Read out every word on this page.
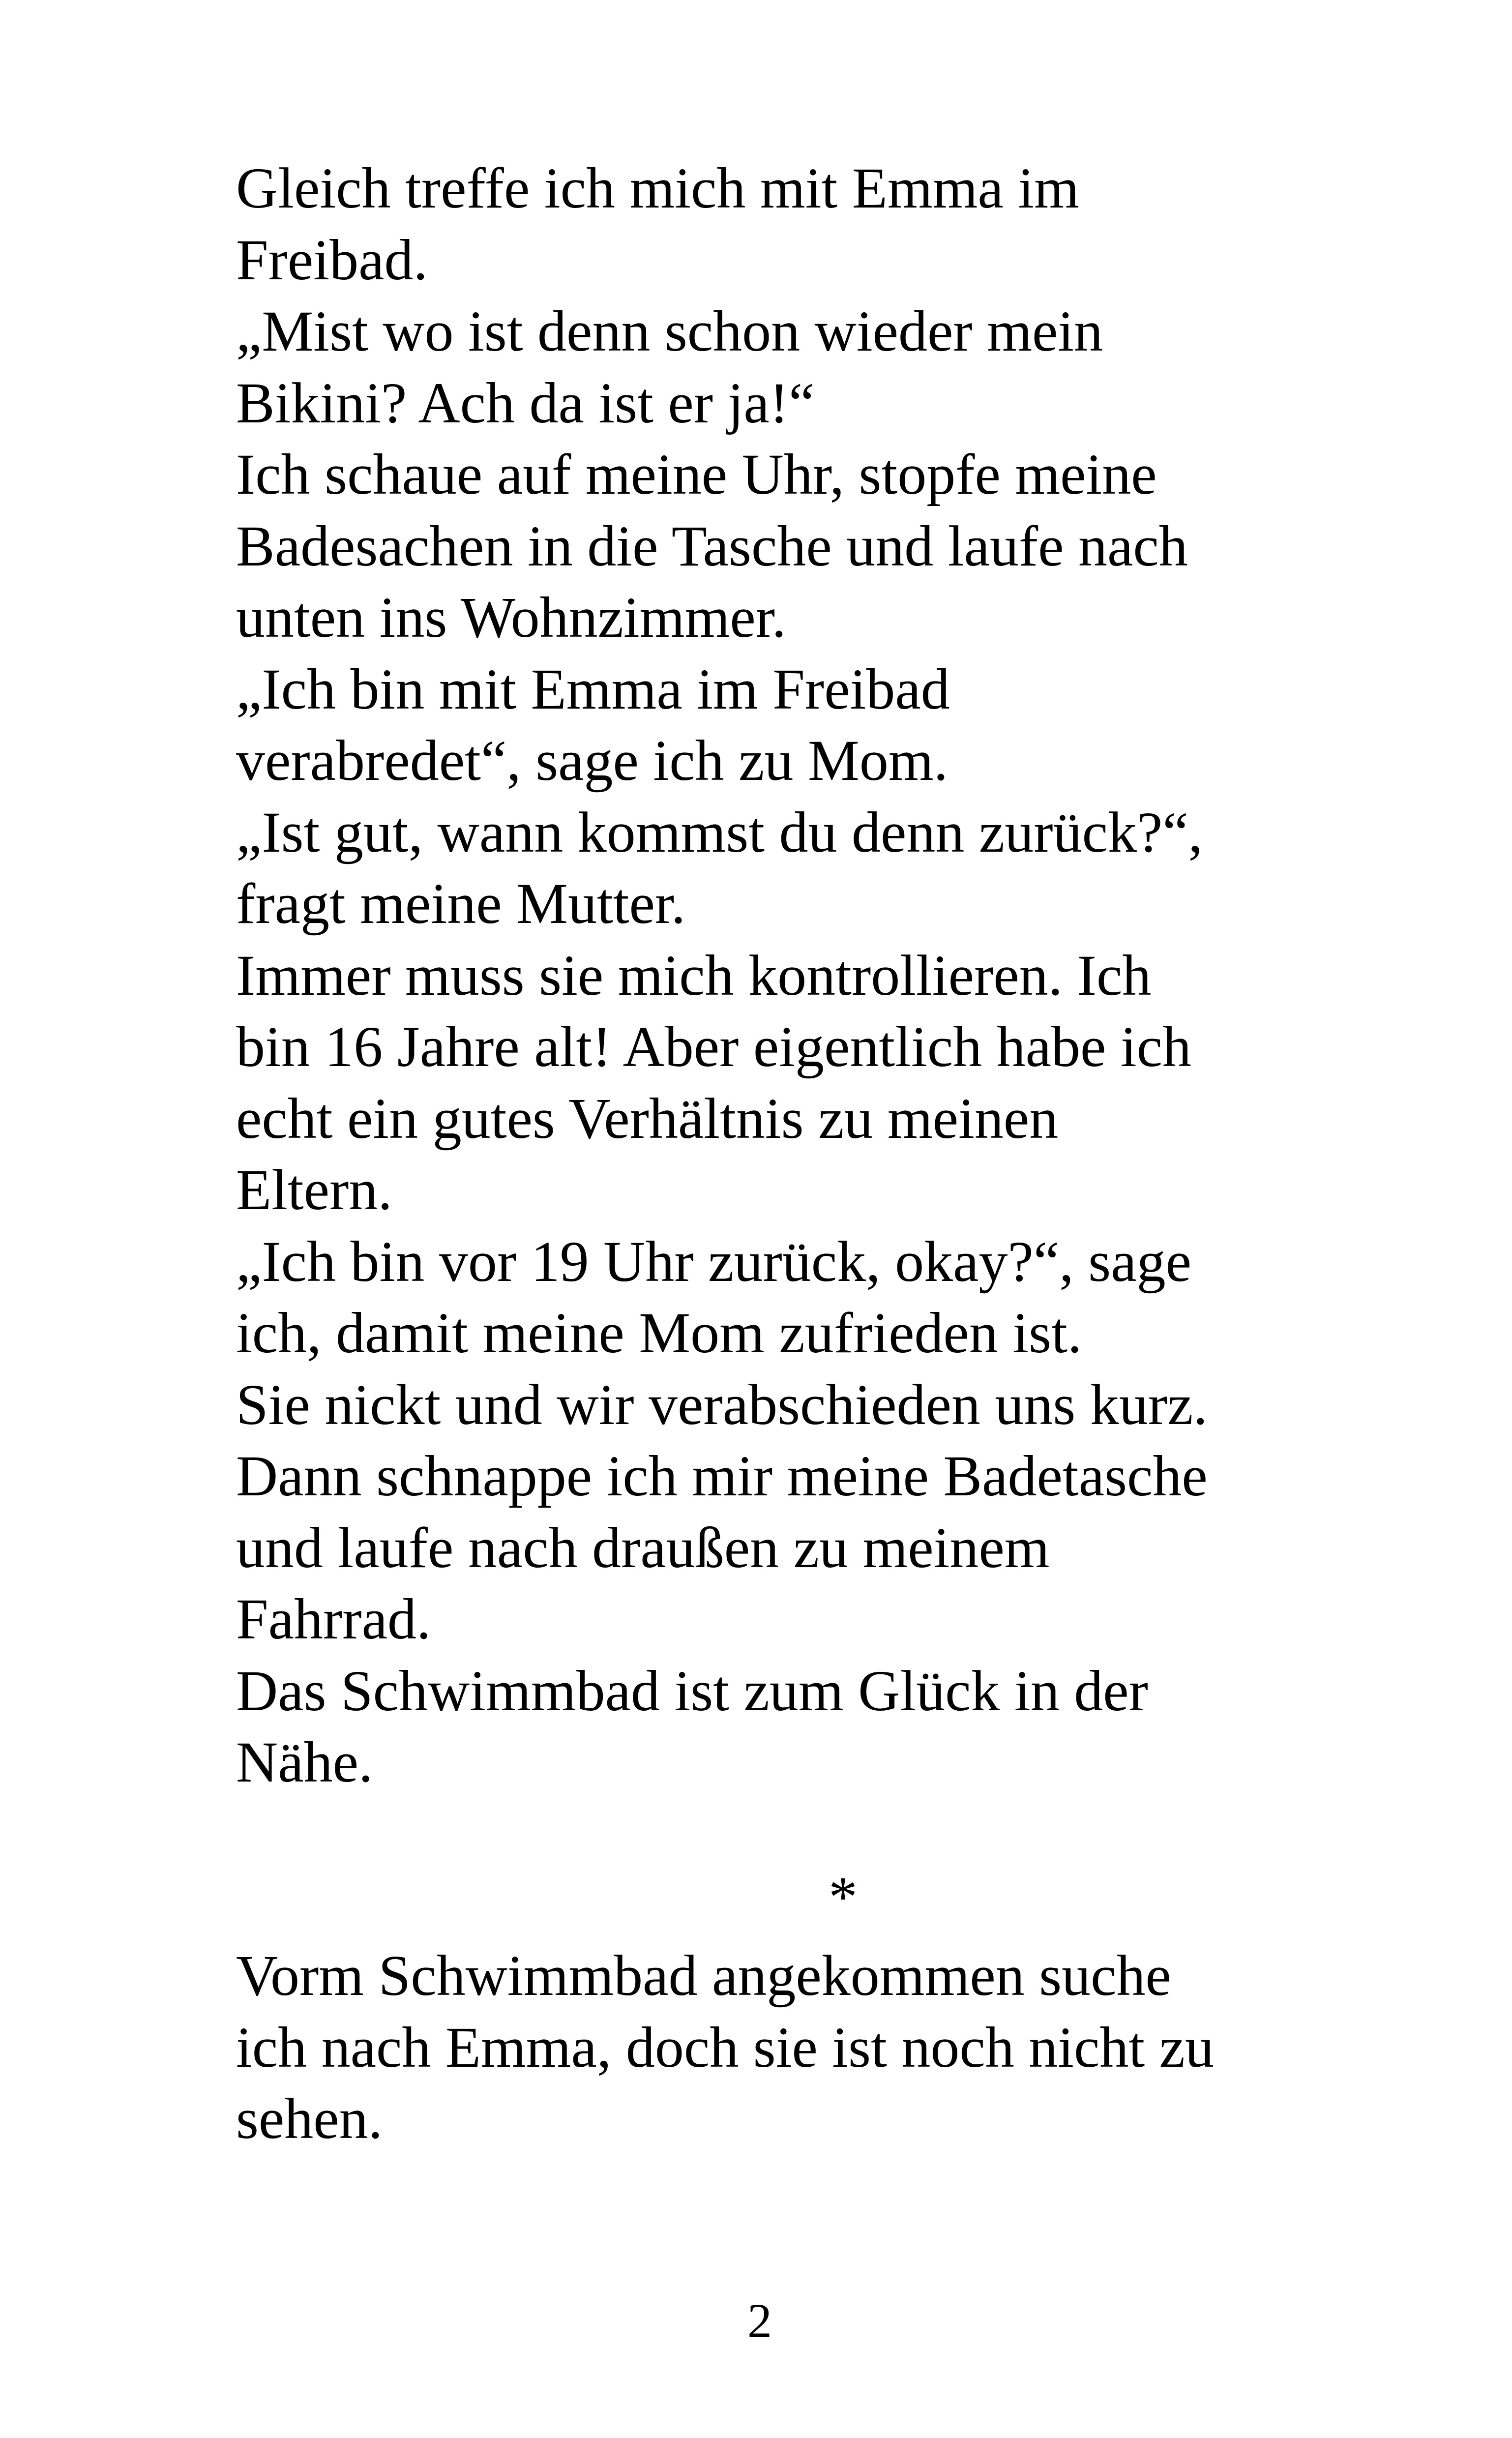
Gleich treffe ich mich mit Emma im
Freibad.
„Mist wo ist denn schon wieder mein
Bikini? Ach da ist er ja!“
Ich schaue auf meine Uhr, stopfe meine
Badesachen in die Tasche und laufe nach
unten ins Wohnzimmer.
„Ich bin mit Emma im Freibad
verabredet“, sage ich zu Mom.
„Ist gut, wann kommst du denn zurück?“,
fragt meine Mutter.
Immer muss sie mich kontrollieren. Ich
bin 16 Jahre alt! Aber eigentlich habe ich
echt ein gutes Verhältnis zu meinen
Eltern.
„Ich bin vor 19 Uhr zurück, okay?“, sage
ich, damit meine Mom zufrieden ist.
Sie nickt und wir verabschieden uns kurz.
Dann schnappe ich mir meine Badetasche
und laufe nach draußen zu meinem
Fahrrad.
Das Schwimmbad ist zum Glück in der
Nähe.
*
Vorm Schwimmbad angekommen suche
ich nach Emma, doch sie ist noch nicht zu
sehen.
2
